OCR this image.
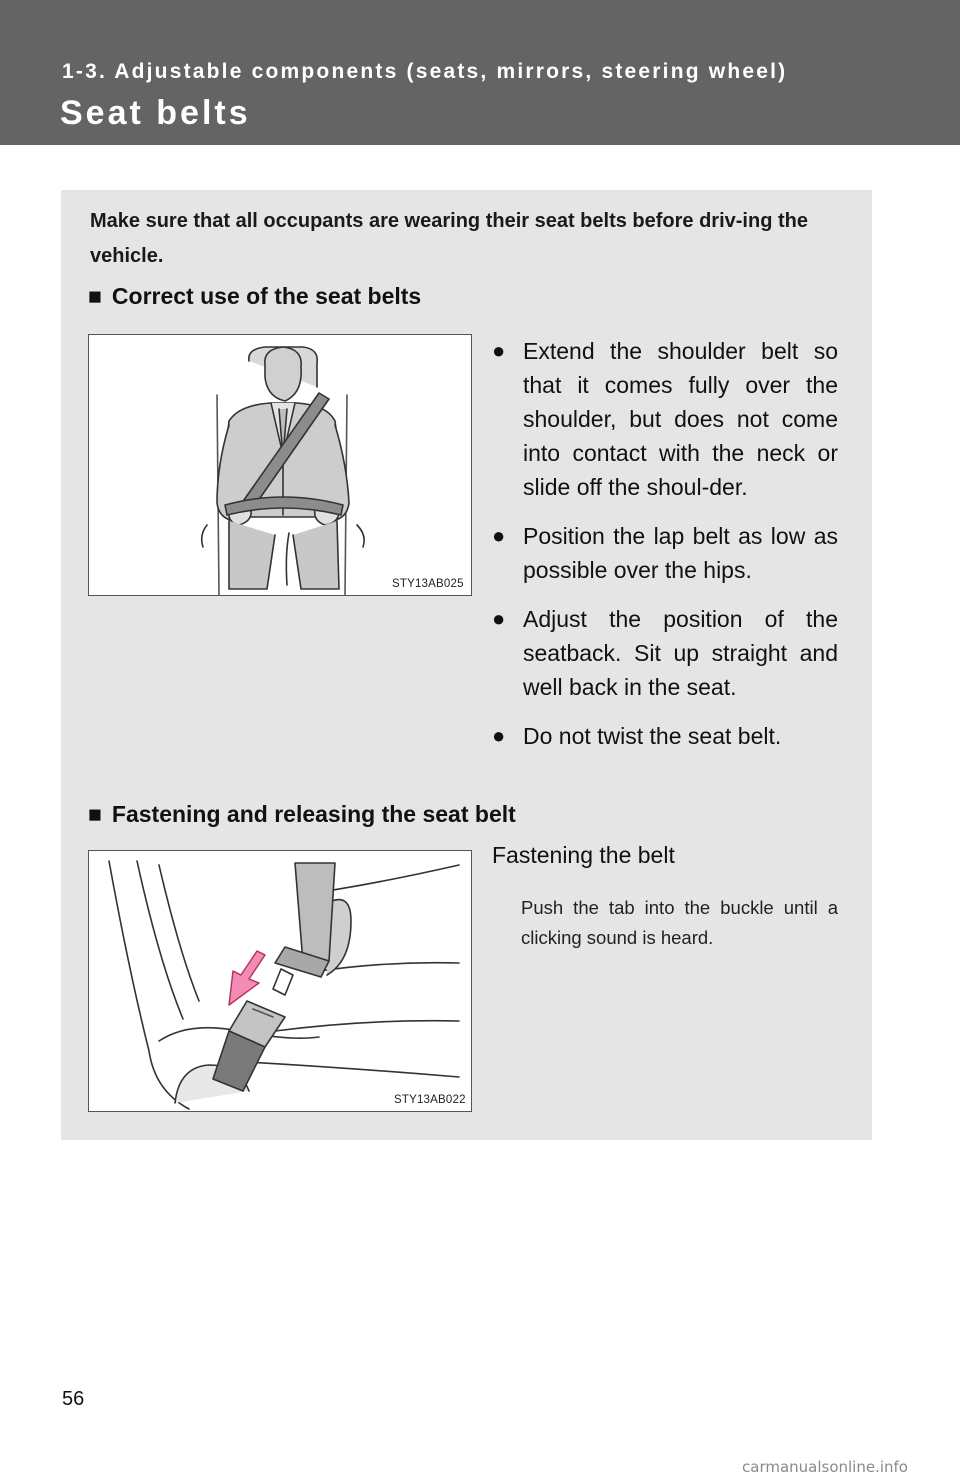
1-3. Adjustable components (seats, mirrors, steering wheel)

Seat belts

Make sure that all occupants are wearing their seat belts before driv-ing the vehicle.

■ Correct use of the seat belts
STY13AB025
● Extend the shoulder belt so that it comes fully over the shoulder, but does not come into contact with the neck or slide off the shoul-der.
● Position the lap belt as low as possible over the hips.
● Adjust the position of the seatback. Sit up straight and well back in the seat.
● Do not twist the seat belt.
■ Fastening and releasing the seat belt
STY13AB022

Fastening the belt

Push the tab into the buckle until a clicking sound is heard.

56
carmanualsonline.info
